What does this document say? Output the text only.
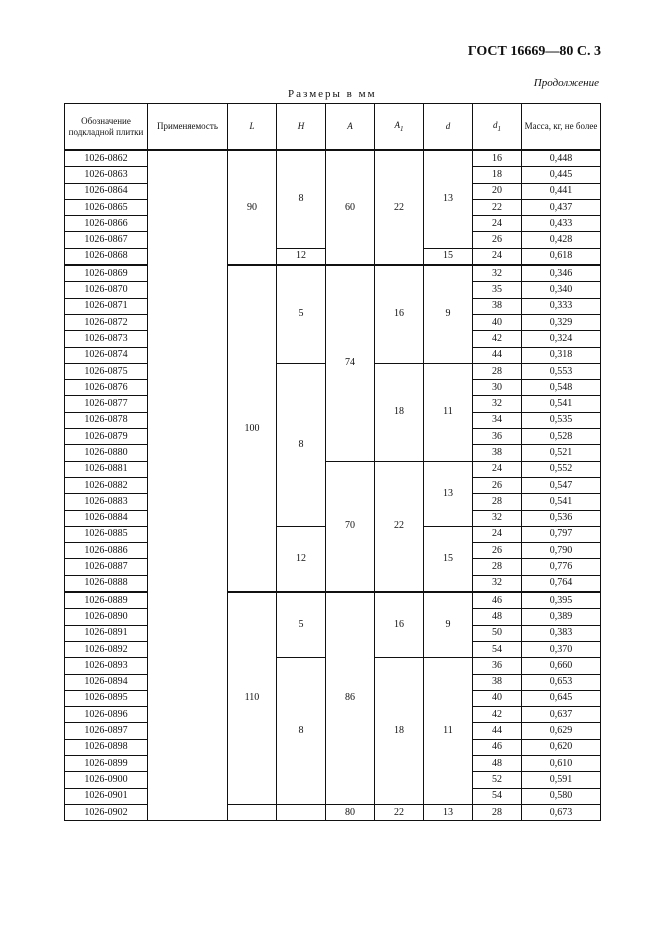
ГОСТ 16669—80 С. 3
Продолжение
Размеры в мм
Обозначение подкладной плитки	Применяемость	L	H	A	$A_1$	d	$d_1$	Масса, кг, не более
1026-0862		90	8	60	22	13	16	0,448
1026-0863							18	0,445
1026-0864							20	0,441
1026-0865							22	0,437
1026-0866							24	0,433
1026-0867							26	0,428
1026-0868			12			15	24	0,618
1026-0869		100	5	74	16	9	32	0,346
1026-0870							35	0,340
1026-0871							38	0,333
1026-0872							40	0,329
1026-0873							42	0,324
1026-0874							44	0,318
1026-0875			8		18	11	28	0,553
1026-0876							30	0,548
1026-0877							32	0,541
1026-0878							34	0,535
1026-0879							36	0,528
1026-0880							38	0,521
1026-0881				70	22	13	24	0,552
1026-0882							26	0,547
1026-0883							28	0,541
1026-0884							32	0,536
1026-0885			12			15	24	0,797
1026-0886							26	0,790
1026-0887							28	0,776
1026-0888							32	0,764
1026-0889		110	5	86	16	9	46	0,395
1026-0890							48	0,389
1026-0891							50	0,383
1026-0892							54	0,370
1026-0893			8		18	11	36	0,660
1026-0894							38	0,653
1026-0895							40	0,645
1026-0896							42	0,637
1026-0897							44	0,629
1026-0898							46	0,620
1026-0899							48	0,610
1026-0900							52	0,591
1026-0901							54	0,580
1026-0902				80	22	13	28	0,673
